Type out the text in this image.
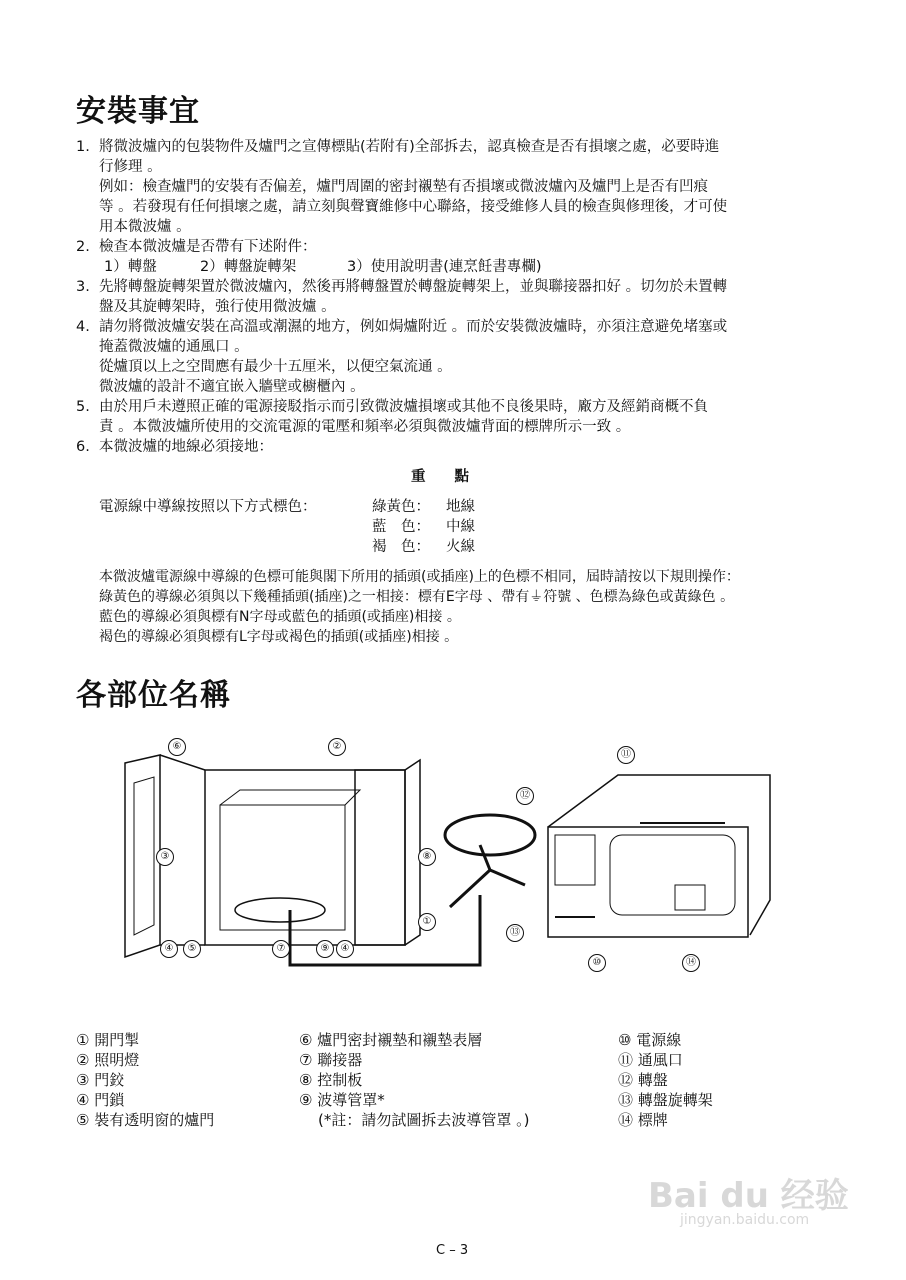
安裝事宜
1. 將微波爐內的包裝物件及爐門之宣傳標貼(若附有)全部拆去，認真檢查是否有損壞之處，必要時進
行修理 。
例如：檢查爐門的安裝有否偏差，爐門周圍的密封襯墊有否損壞或微波爐內及爐門上是否有凹痕
等 。若發現有任何損壞之處，請立刻與聲寶維修中心聯絡，接受維修人員的檢查與修理後，才可使
用本微波爐 。
2. 檢查本微波爐是否帶有下述附件：
1）轉盤	2）轉盤旋轉架	3）使用說明書(連烹飪書專欄)
3. 先將轉盤旋轉架置於微波爐內，然後再將轉盤置於轉盤旋轉架上，並與聯接器扣好 。切勿於未置轉
盤及其旋轉架時，強行使用微波爐 。
4. 請勿將微波爐安裝在高溫或潮濕的地方，例如焗爐附近 。而於安裝微波爐時，亦須注意避免堵塞或
掩蓋微波爐的通風口 。
從爐頂以上之空間應有最少十五厘米，以便空氣流通 。
微波爐的設計不適宜嵌入牆壁或櫥櫃內 。
5. 由於用戶未遵照正確的電源接駁指示而引致微波爐損壞或其他不良後果時，廠方及經銷商概不負
責 。本微波爐所使用的交流電源的電壓和頻率必須與微波爐背面的標牌所示一致 。
6. 本微波爐的地線必須接地：
重　　點
電源線中導線按照以下方式標色：	綠黃色： 地線
藍　色： 中線
褐　色： 火線
本微波爐電源線中導線的色標可能與閣下所用的插頭(或插座)上的色標不相同，屆時請按以下規則操作：
綠黃色的導線必須與以下幾種插頭(插座)之一相接：標有E字母 、帶有⏚符號 、色標為綠色或黃綠色 。
藍色的導線必須與標有N字母或藍色的插頭(或插座)相接 。
褐色的導線必須與標有L字母或褐色的插頭(或插座)相接 。
各部位名稱
⑥	②
⑪
⑫
③	⑧
①
⑬
④	⑤	⑦	⑨	④
⑩	⑭
① 開門掣
② 照明燈
③ 門鉸
④ 門鎖
⑤ 裝有透明窗的爐門
⑥ 爐門密封襯墊和襯墊表層
⑦ 聯接器
⑧ 控制板
⑨ 波導管罩*
(*註：請勿試圖拆去波導管罩 。)
⑩ 電源線
⑪ 通風口
⑫ 轉盤
⑬ 轉盤旋轉架
⑭ 標牌
Bai du 经验
jingyan.baidu.com
C – 3
